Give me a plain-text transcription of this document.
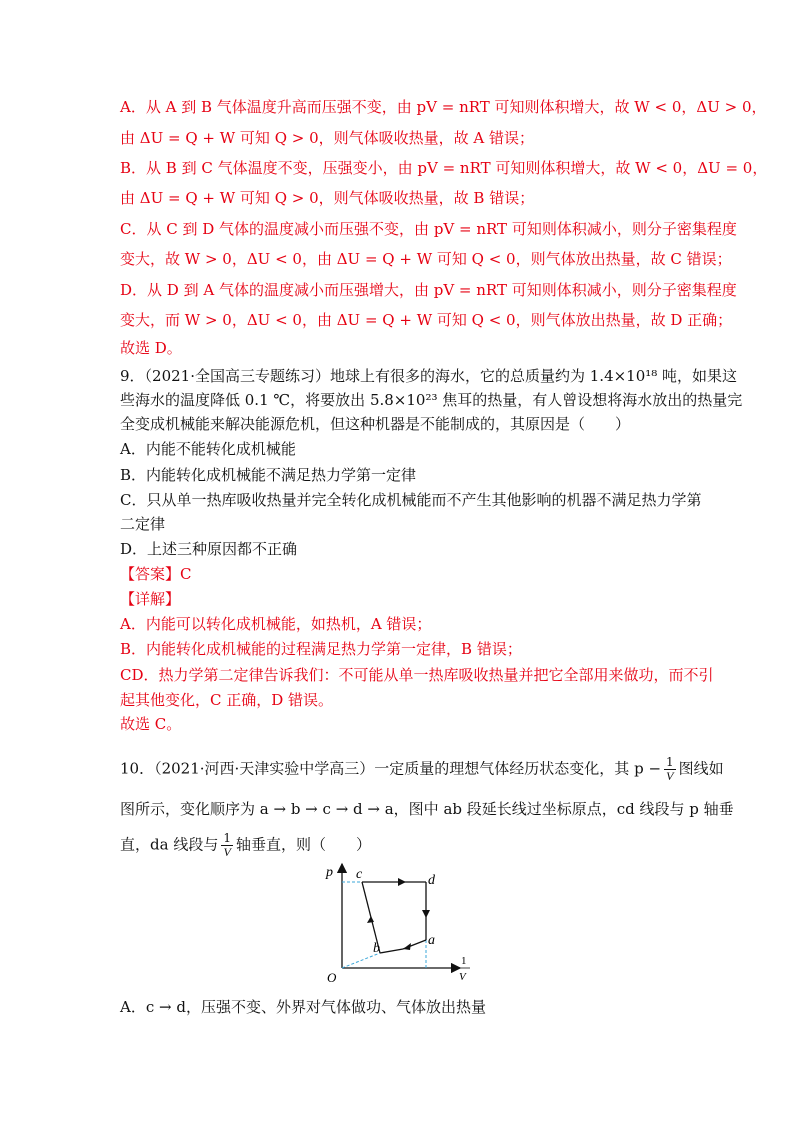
A．从 A 到 B 气体温度升高而压强不变，由 pV = nRT 可知则体积增大，故 W < 0，ΔU > 0，
由 ΔU = Q + W 可知 Q > 0，则气体吸收热量，故 A 错误；
B．从 B 到 C 气体温度不变，压强变小，由 pV = nRT 可知则体积增大，故 W < 0，ΔU = 0，
由 ΔU = Q + W 可知 Q > 0，则气体吸收热量，故 B 错误；
C．从 C 到 D 气体的温度减小而压强不变，由 pV = nRT 可知则体积减小，则分子密集程度
变大，故 W > 0，ΔU < 0，由 ΔU = Q + W 可知 Q < 0，则气体放出热量，故 C 错误；
D．从 D 到 A 气体的温度减小而压强增大，由 pV = nRT 可知则体积减小，则分子密集程度
变大，而 W > 0，ΔU < 0，由 ΔU = Q + W 可知 Q < 0，则气体放出热量，故 D 正确；
故选 D。
9．（2021·全国高三专题练习）地球上有很多的海水，它的总质量约为 1.4×10¹⁸ 吨，如果这
些海水的温度降低 0.1 ℃，将要放出 5.8×10²³ 焦耳的热量，有人曾设想将海水放出的热量完
全变成机械能来解决能源危机，但这种机器是不能制成的，其原因是（　　）
A．内能不能转化成机械能
B．内能转化成机械能不满足热力学第一定律
C．只从单一热库吸收热量并完全转化成机械能而不产生其他影响的机器不满足热力学第
二定律
D．上述三种原因都不正确
【答案】C
【详解】
A．内能可以转化成机械能，如热机，A 错误；
B．内能转化成机械能的过程满足热力学第一定律，B 错误；
CD．热力学第二定律告诉我们：不可能从单一热库吸收热量并把它全部用来做功，而不引
起其他变化，C 正确，D 错误。
故选 C。
10．（2021·河西·天津实验中学高三）一定质量的理想气体经历状态变化，其 $p - \frac{1}{V}$ 图线如
图所示，变化顺序为 a → b → c → d → a，图中 ab 段延长线过坐标原点，cd 线段与 p 轴垂
直，da 线段与 $\frac{1}{V}$ 轴垂直，则（　　）
p
O
1
V
c	d
a
b
A．c → d，压强不变、外界对气体做功、气体放出热量
